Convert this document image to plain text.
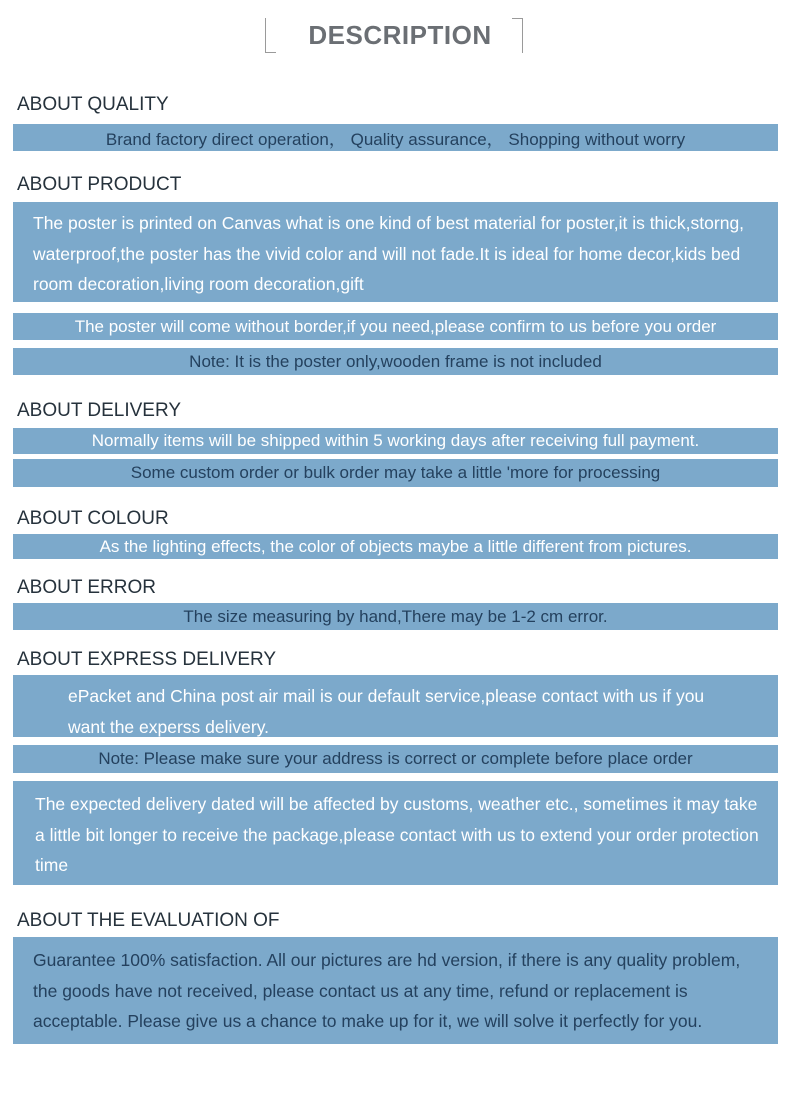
DESCRIPTION
ABOUT QUALITY
Brand factory direct operation， Quality assurance， Shopping without worry
ABOUT PRODUCT
The poster is printed on Canvas what is one kind of best material for poster,it is thick,storng, waterproof,the poster has the vivid color and will not fade.It is ideal for home decor,kids bed room decoration,living room decoration,gift
The poster will come without border,if you need,please confirm to us before you order
Note: It is the poster only,wooden frame is not included
ABOUT DELIVERY
Normally items will be shipped within 5 working days after receiving full payment.
Some custom order or bulk order may take a little 'more for processing
ABOUT COLOUR
As the lighting effects, the color of objects maybe a little different from pictures.
ABOUT ERROR
The size measuring by hand,There may be 1-2 cm error.
ABOUT EXPRESS DELIVERY
ePacket and China post air mail is our default service,please contact with us if you want the experss delivery.
Note: Please make sure your address is correct or complete before place order
The expected delivery dated will be affected by customs, weather etc., sometimes it may take a little bit longer to receive the package,please contact with us to extend your order protection time
ABOUT THE EVALUATION OF
Guarantee 100% satisfaction. All our pictures are hd version, if there is any quality problem, the goods have not received, please contact us at any time, refund or replacement is acceptable. Please give us a chance to make up for it, we will solve it perfectly for you.
